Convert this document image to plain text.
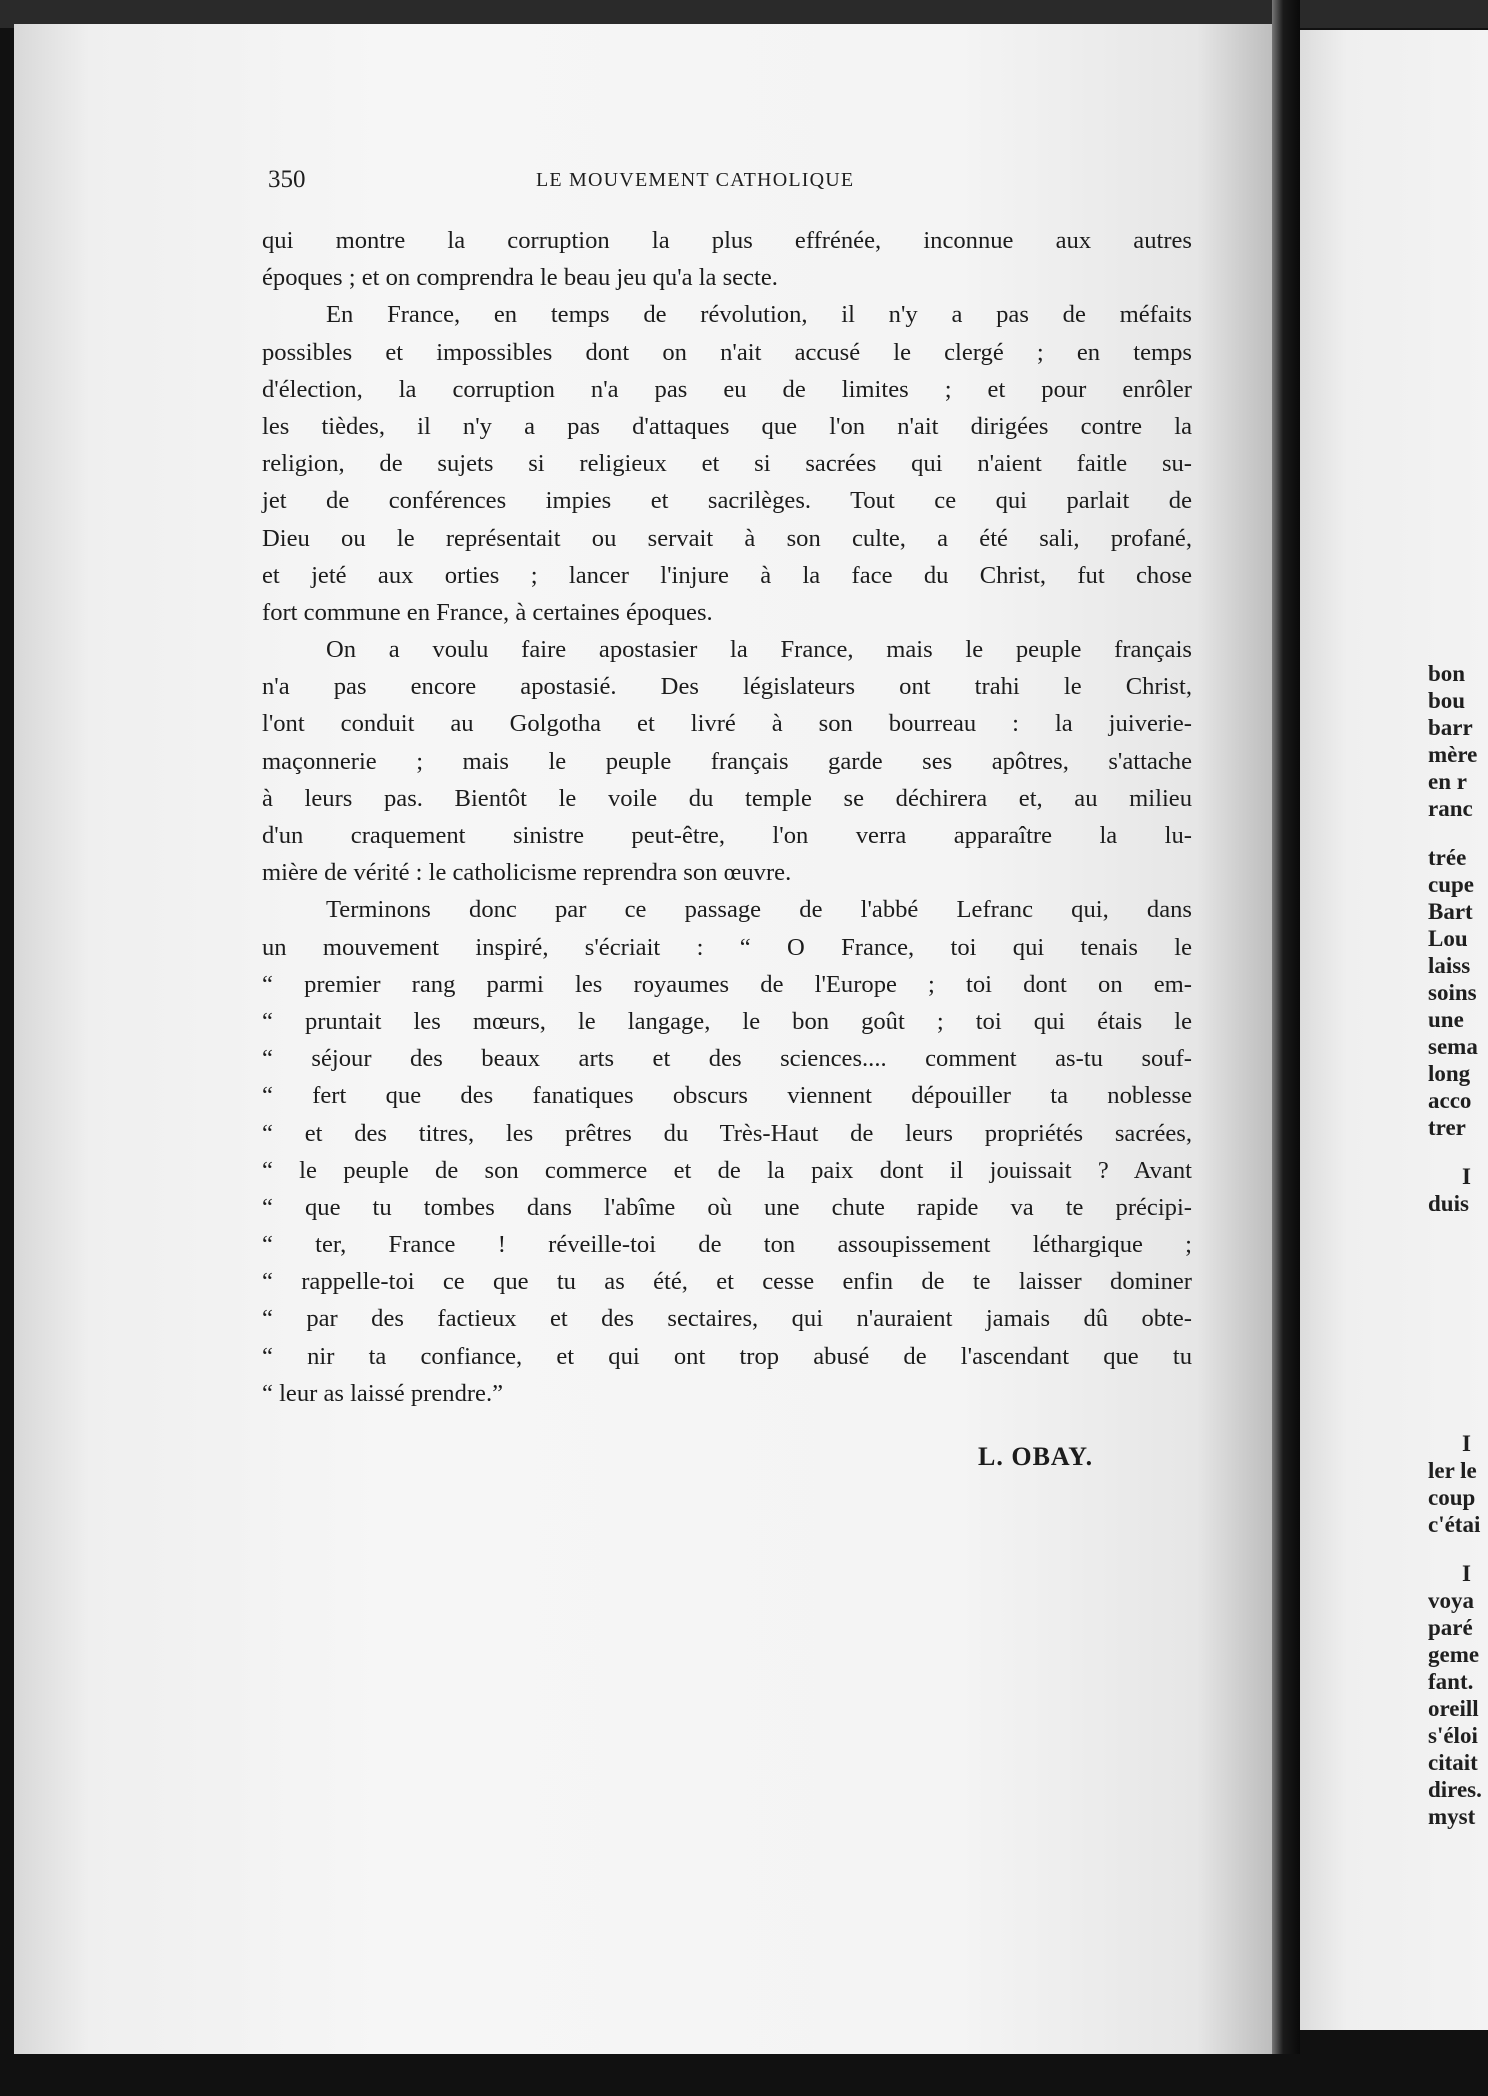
350	LE MOUVEMENT CATHOLIQUE
qui montre la corruption la plus effrénée, inconnue aux autres
époques ; et on comprendra le beau jeu qu'a la secte.
En France, en temps de révolution, il n'y a pas de méfaits
possibles et impossibles dont on n'ait accusé le clergé ; en temps
d'élection, la corruption n'a pas eu de limites ; et pour enrôler
les tièdes, il n'y a pas d'attaques que l'on n'ait dirigées contre la
religion, de sujets si religieux et si sacrées qui n'aient faitle su-
jet de conférences impies et sacrilèges. Tout ce qui parlait de
Dieu ou le représentait ou servait à son culte, a été sali, profané,
et jeté aux orties ; lancer l'injure à la face du Christ, fut chose
fort commune en France, à certaines époques.
On a voulu faire apostasier la France, mais le peuple français
n'a pas encore apostasié. Des législateurs ont trahi le Christ,
l'ont conduit au Golgotha et livré à son bourreau : la juiverie-
maçonnerie ; mais le peuple français garde ses apôtres, s'attache
à leurs pas. Bientôt le voile du temple se déchirera et, au milieu
d'un craquement sinistre peut-être, l'on verra apparaître la lu-
mière de vérité : le catholicisme reprendra son œuvre.
Terminons donc par ce passage de l'abbé Lefranc qui, dans
un mouvement inspiré, s'écriait : “ O France, toi qui tenais le
“ premier rang parmi les royaumes de l'Europe ; toi dont on em-
“ pruntait les mœurs, le langage, le bon goût ; toi qui étais le
“ séjour des beaux arts et des sciences.... comment as-tu souf-
“ fert que des fanatiques obscurs viennent dépouiller ta noblesse
“ et des titres, les prêtres du Très-Haut de leurs propriétés sacrées,
“ le peuple de son commerce et de la paix dont il jouissait ? Avant
“ que tu tombes dans l'abîme où une chute rapide va te précipi-
“ ter, France ! réveille-toi de ton assoupissement léthargique ;
“ rappelle-toi ce que tu as été, et cesse enfin de te laisser dominer
“ par des factieux et des sectaires, qui n'auraient jamais dû obte-
“ nir ta confiance, et qui ont trop abusé de l'ascendant que tu
“ leur as laissé prendre.”
L. OBAY.
bon
bou
barr
mère
en r
ranc
trée
cupe
Bart
Lou
laiss
soins
une
sema
long
acco
trer
I
duis
I
ler le
coup
c'étai
I
voya
paré
geme
fant.
oreill
s'éloi
citait
dires.
myst
